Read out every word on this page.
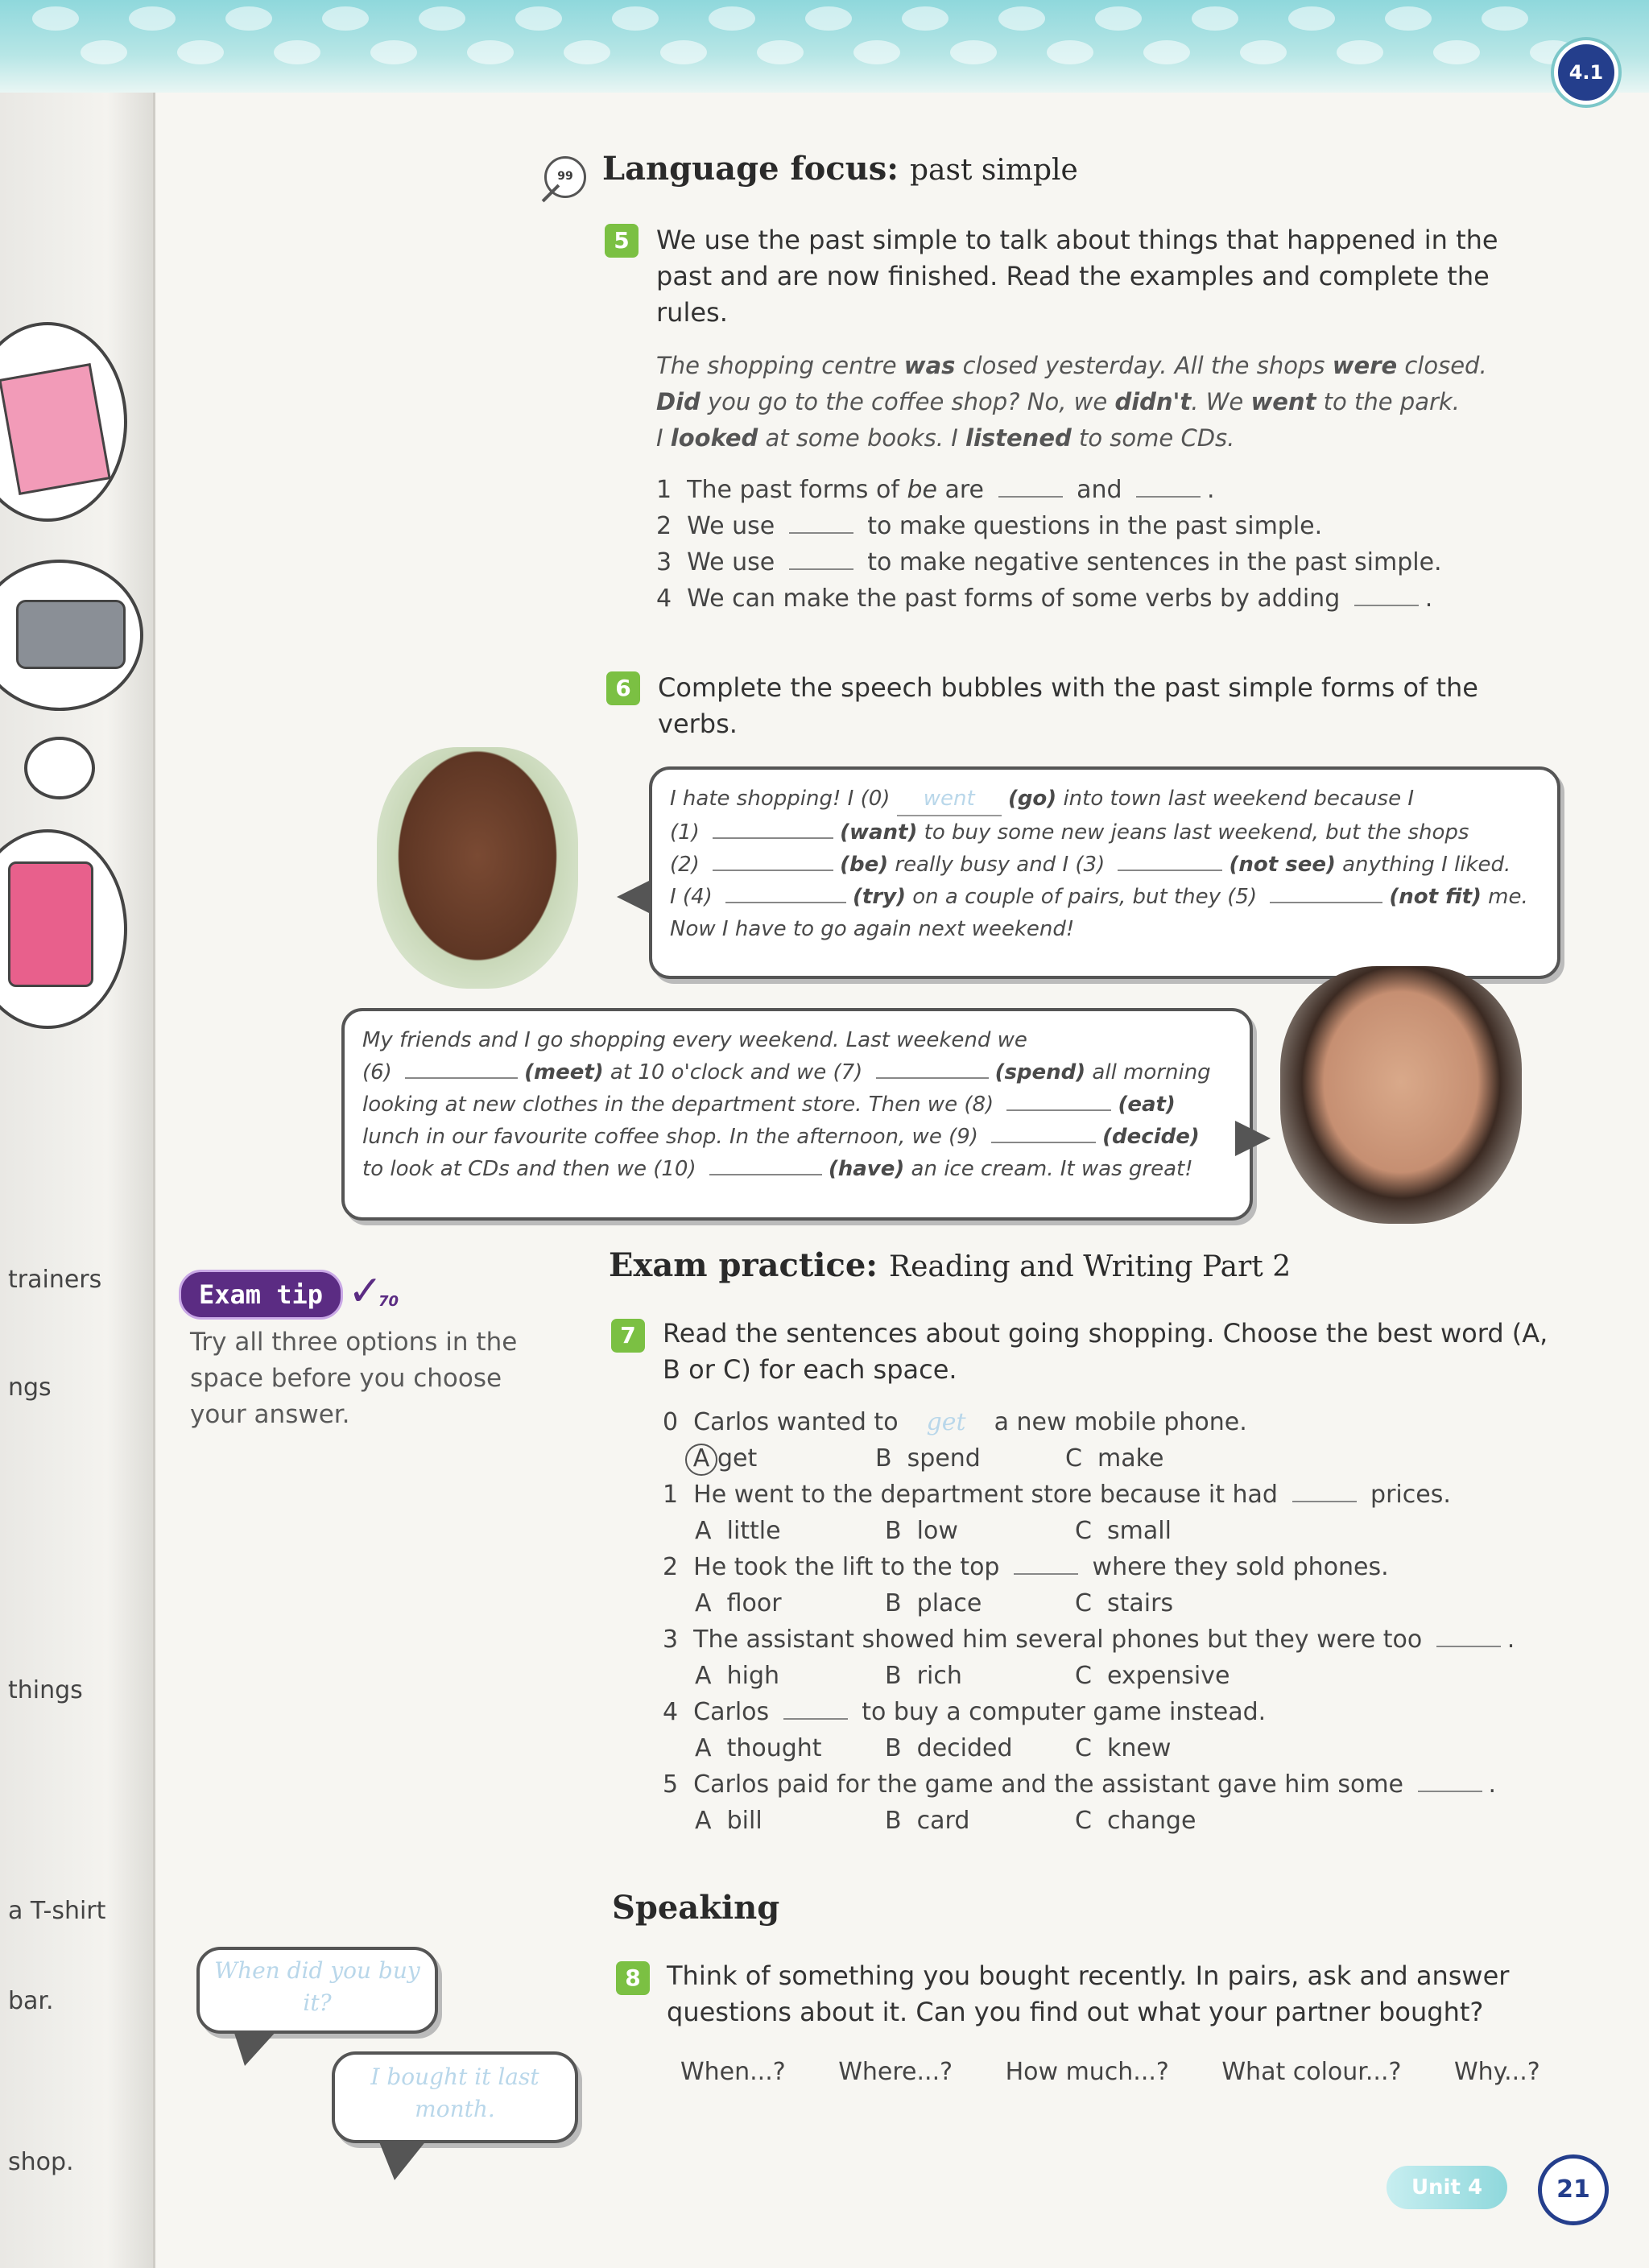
4.1
trainers
ngs
things
a T-shirt
bar.
shop.
99 Language focus: past simple
5	We use the past simple to talk about things that happened in the past and are now finished. Read the examples and complete the rules.
The shopping centre was closed yesterday. All the shops were closed.
Did you go to the coffee shop? No, we didn't. We went to the park.
I looked at some books. I listened to some CDs.
1 The past forms of be are	and	.
2 We use	to make questions in the past simple.
3 We use	to make negative sentences in the past simple.
4 We can make the past forms of some verbs by adding	.
6	Complete the speech bubbles with the past simple forms of the verbs.
I hate shopping! I (0) went (go) into town last weekend because I
(1)	(want) to buy some new jeans last weekend, but the shops
(2)	(be) really busy and I (3)	(not see) anything I liked.
I (4)	(try) on a couple of pairs, but they (5)	(not fit) me.
Now I have to go again next weekend!
My friends and I go shopping every weekend. Last weekend we
(6)	(meet) at 10 o'clock and we (7)	(spend) all morning
looking at new clothes in the department store. Then we (8)	(eat)
lunch in our favourite coffee shop. In the afternoon, we (9)	(decide)
to look at CDs and then we (10)	(have) an ice cream. It was great!
Exam practice: Reading and Writing Part 2
Exam tip ✓
70
Try all three options in the space before you choose your answer.
7	Read the sentences about going shopping. Choose the best word (A, B or C) for each space.
0 Carlos wanted to get a new mobile phone.
A get	B  spend	C  make
1 He went to the department store because it had	prices.
A  little	B  low	C  small
2 He took the lift to the top	where they sold phones.
A  floor	B  place	C  stairs
3 The assistant showed him several phones but they were too	.
A  high	B  rich	C  expensive
4 Carlos	to buy a computer game instead.
A  thought	B  decided	C  knew
5 Carlos paid for the game and the assistant gave him some	.
A  bill	B  card	C  change
Speaking
8	Think of something you bought recently. In pairs, ask and answer questions about it. Can you find out what your partner bought?
When...? Where...? How much...? What colour...? Why...?
When did you buy it?
I bought it last month.
Unit 4	21
